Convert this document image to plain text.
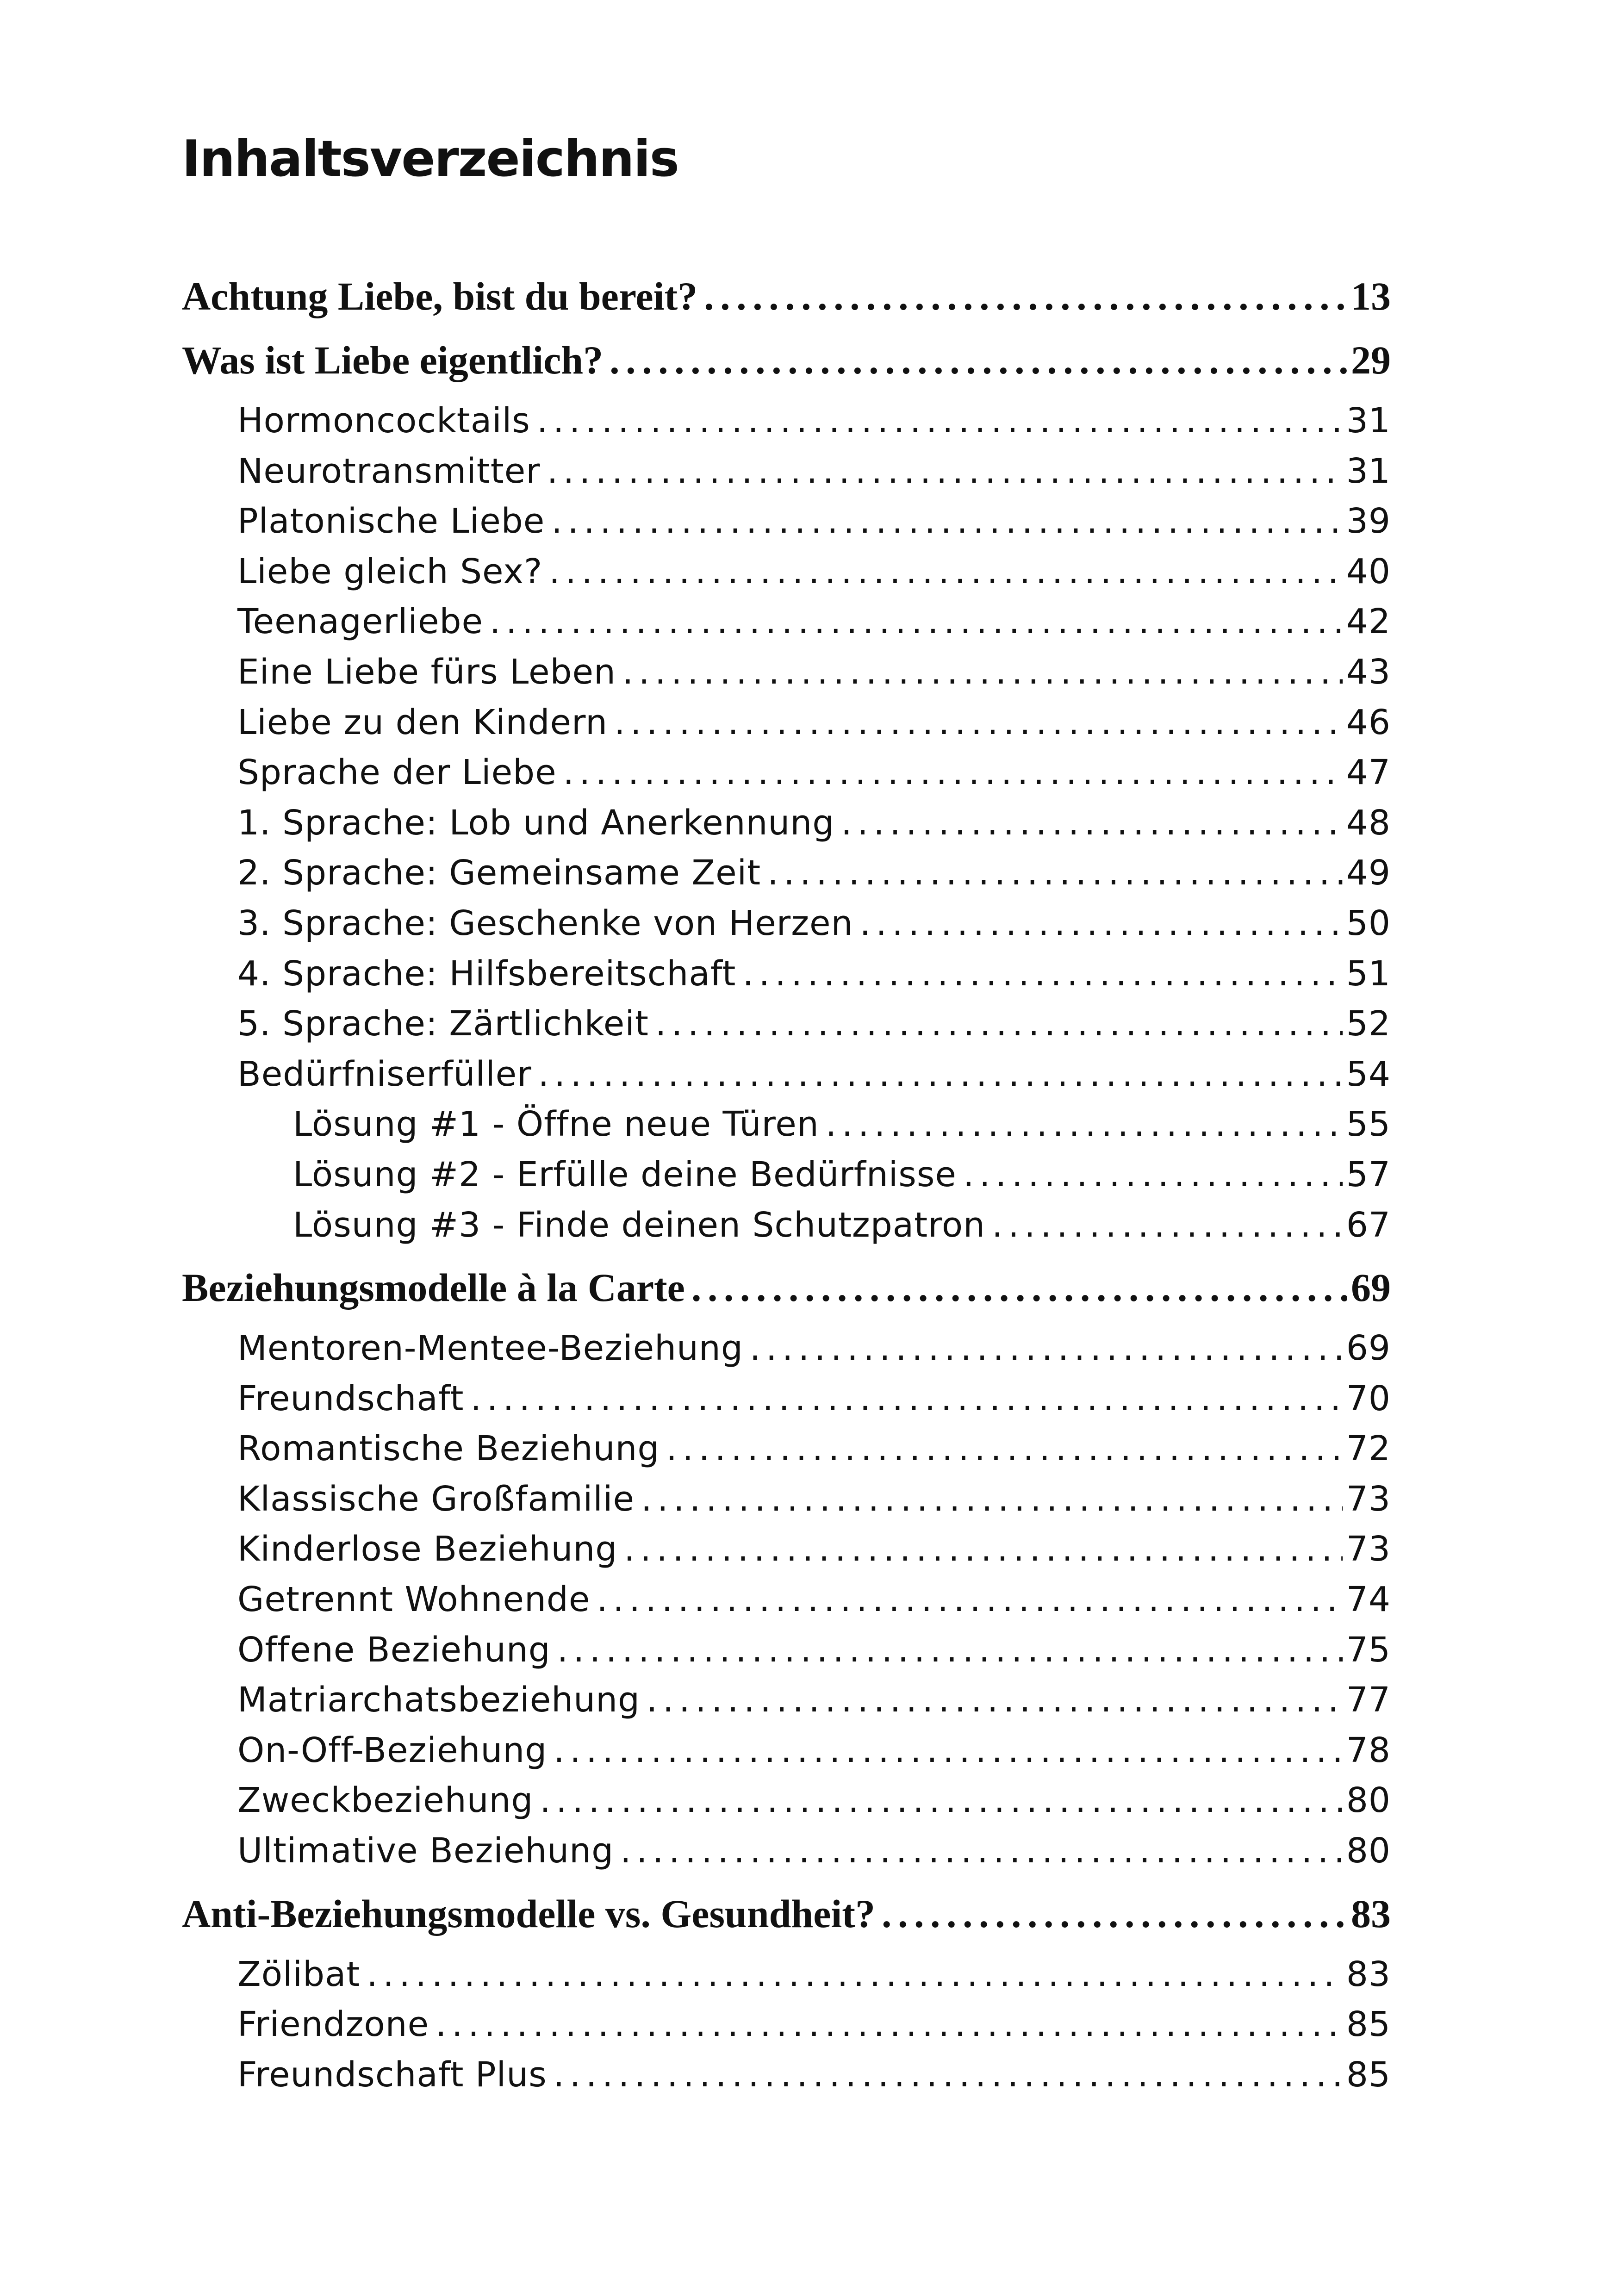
Inhaltsverzeichnis
Achtung Liebe, bist du bereit? . . .	13
Was ist Liebe eigentlich? . . .	29
Hormoncocktails . . .	31
Neurotransmitter . . .	31
Platonische Liebe . . .	39
Liebe gleich Sex? . . .	40
Teenagerliebe . . .	42
Eine Liebe fürs Leben . . .	43
Liebe zu den Kindern . . .	46
Sprache der Liebe . . .	47
1. Sprache: Lob und Anerkennung . . .	48
2. Sprache: Gemeinsame Zeit . . .	49
3. Sprache: Geschenke von Herzen . . .	50
4. Sprache: Hilfsbereitschaft . . .	51
5. Sprache: Zärtlichkeit . . .	52
Bedürfniserfüller . . .	54
Lösung #1 - Öffne neue Türen . . .	55
Lösung #2 - Erfülle deine Bedürfnisse . . .	57
Lösung #3 - Finde deinen Schutzpatron . . .	67
Beziehungsmodelle à la Carte . . .	69
Mentoren-Mentee-Beziehung . . .	69
Freundschaft . . .	70
Romantische Beziehung . . .	72
Klassische Großfamilie . . .	73
Kinderlose Beziehung . . .	73
Getrennt Wohnende . . .	74
Offene Beziehung . . .	75
Matriarchatsbeziehung . . .	77
On-Off-Beziehung . . .	78
Zweckbeziehung . . .	80
Ultimative Beziehung . . .	80
Anti-Beziehungsmodelle vs. Gesundheit? . . .	83
Zölibat . . .	83
Friendzone . . .	85
Freundschaft Plus . . .	85
